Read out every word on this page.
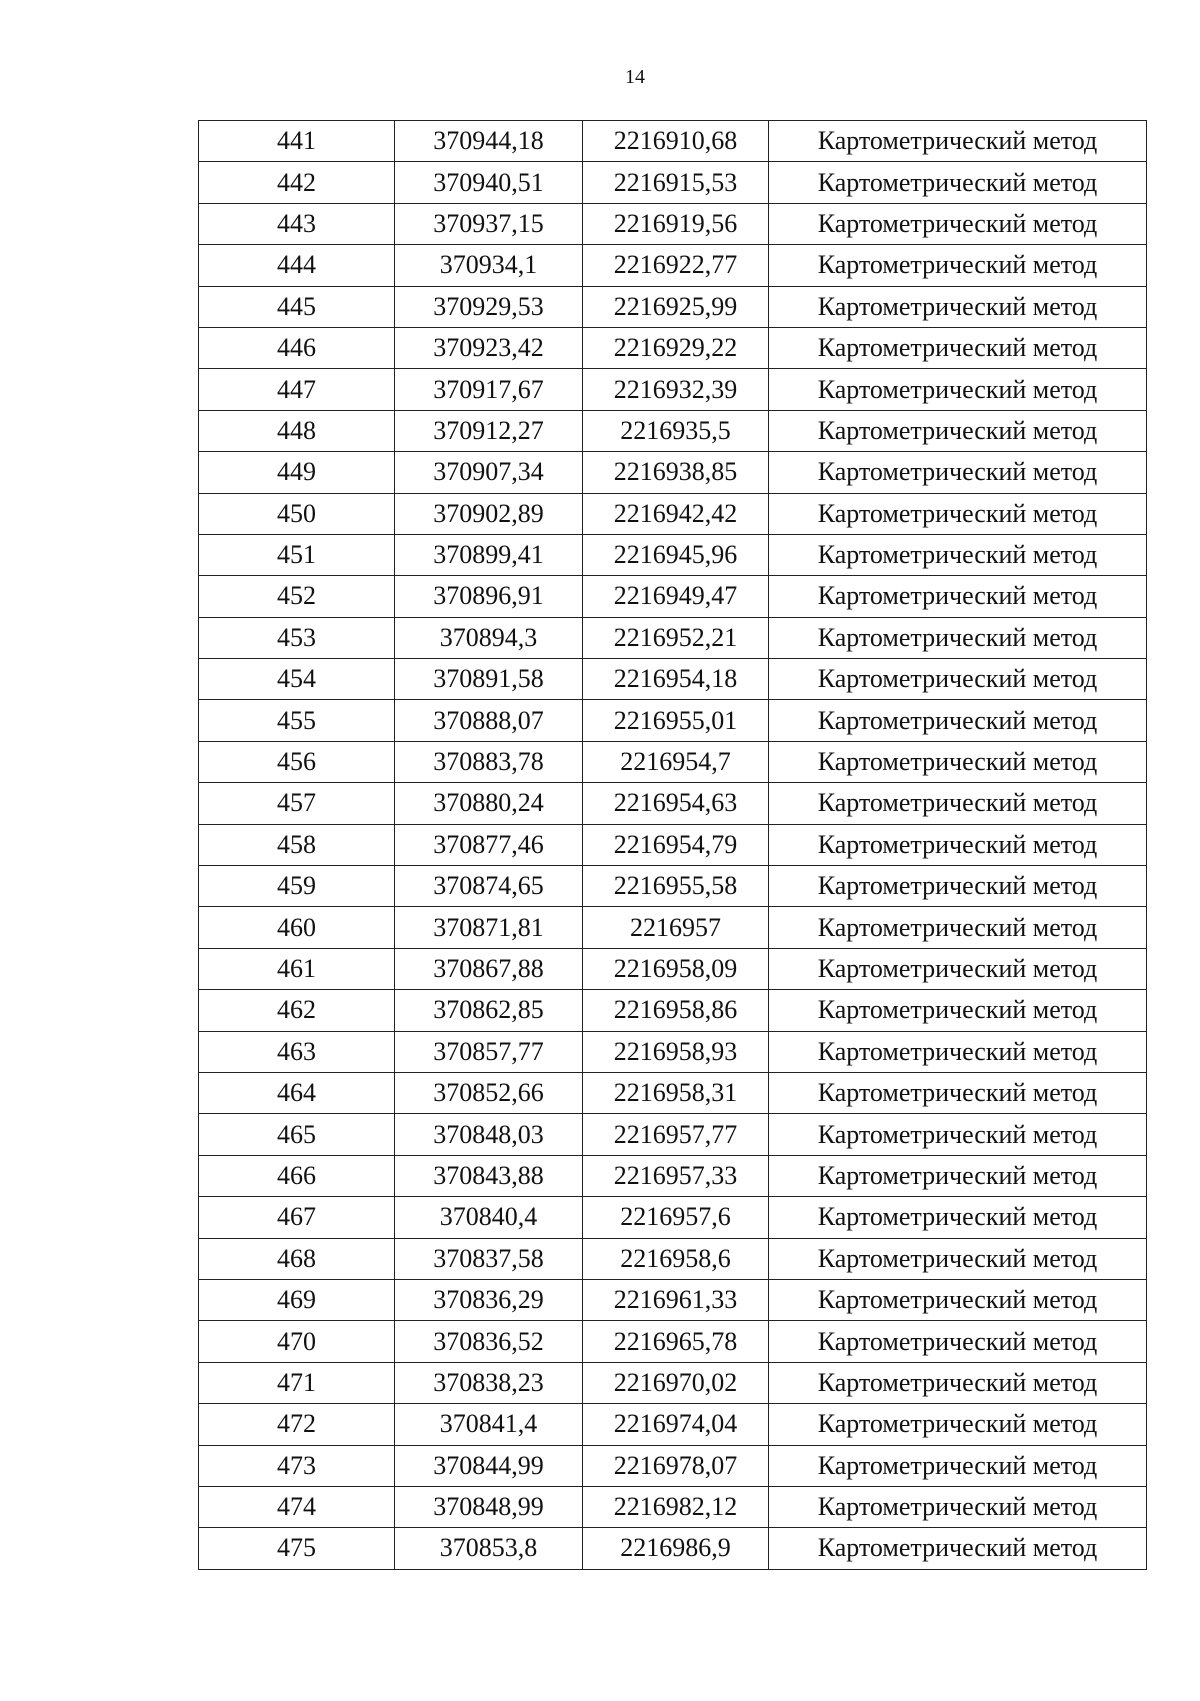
14
441	370944,18	2216910,68	Картометрический метод
442	370940,51	2216915,53	Картометрический метод
443	370937,15	2216919,56	Картометрический метод
444	370934,1	2216922,77	Картометрический метод
445	370929,53	2216925,99	Картометрический метод
446	370923,42	2216929,22	Картометрический метод
447	370917,67	2216932,39	Картометрический метод
448	370912,27	2216935,5	Картометрический метод
449	370907,34	2216938,85	Картометрический метод
450	370902,89	2216942,42	Картометрический метод
451	370899,41	2216945,96	Картометрический метод
452	370896,91	2216949,47	Картометрический метод
453	370894,3	2216952,21	Картометрический метод
454	370891,58	2216954,18	Картометрический метод
455	370888,07	2216955,01	Картометрический метод
456	370883,78	2216954,7	Картометрический метод
457	370880,24	2216954,63	Картометрический метод
458	370877,46	2216954,79	Картометрический метод
459	370874,65	2216955,58	Картометрический метод
460	370871,81	2216957	Картометрический метод
461	370867,88	2216958,09	Картометрический метод
462	370862,85	2216958,86	Картометрический метод
463	370857,77	2216958,93	Картометрический метод
464	370852,66	2216958,31	Картометрический метод
465	370848,03	2216957,77	Картометрический метод
466	370843,88	2216957,33	Картометрический метод
467	370840,4	2216957,6	Картометрический метод
468	370837,58	2216958,6	Картометрический метод
469	370836,29	2216961,33	Картометрический метод
470	370836,52	2216965,78	Картометрический метод
471	370838,23	2216970,02	Картометрический метод
472	370841,4	2216974,04	Картометрический метод
473	370844,99	2216978,07	Картометрический метод
474	370848,99	2216982,12	Картометрический метод
475	370853,8	2216986,9	Картометрический метод
